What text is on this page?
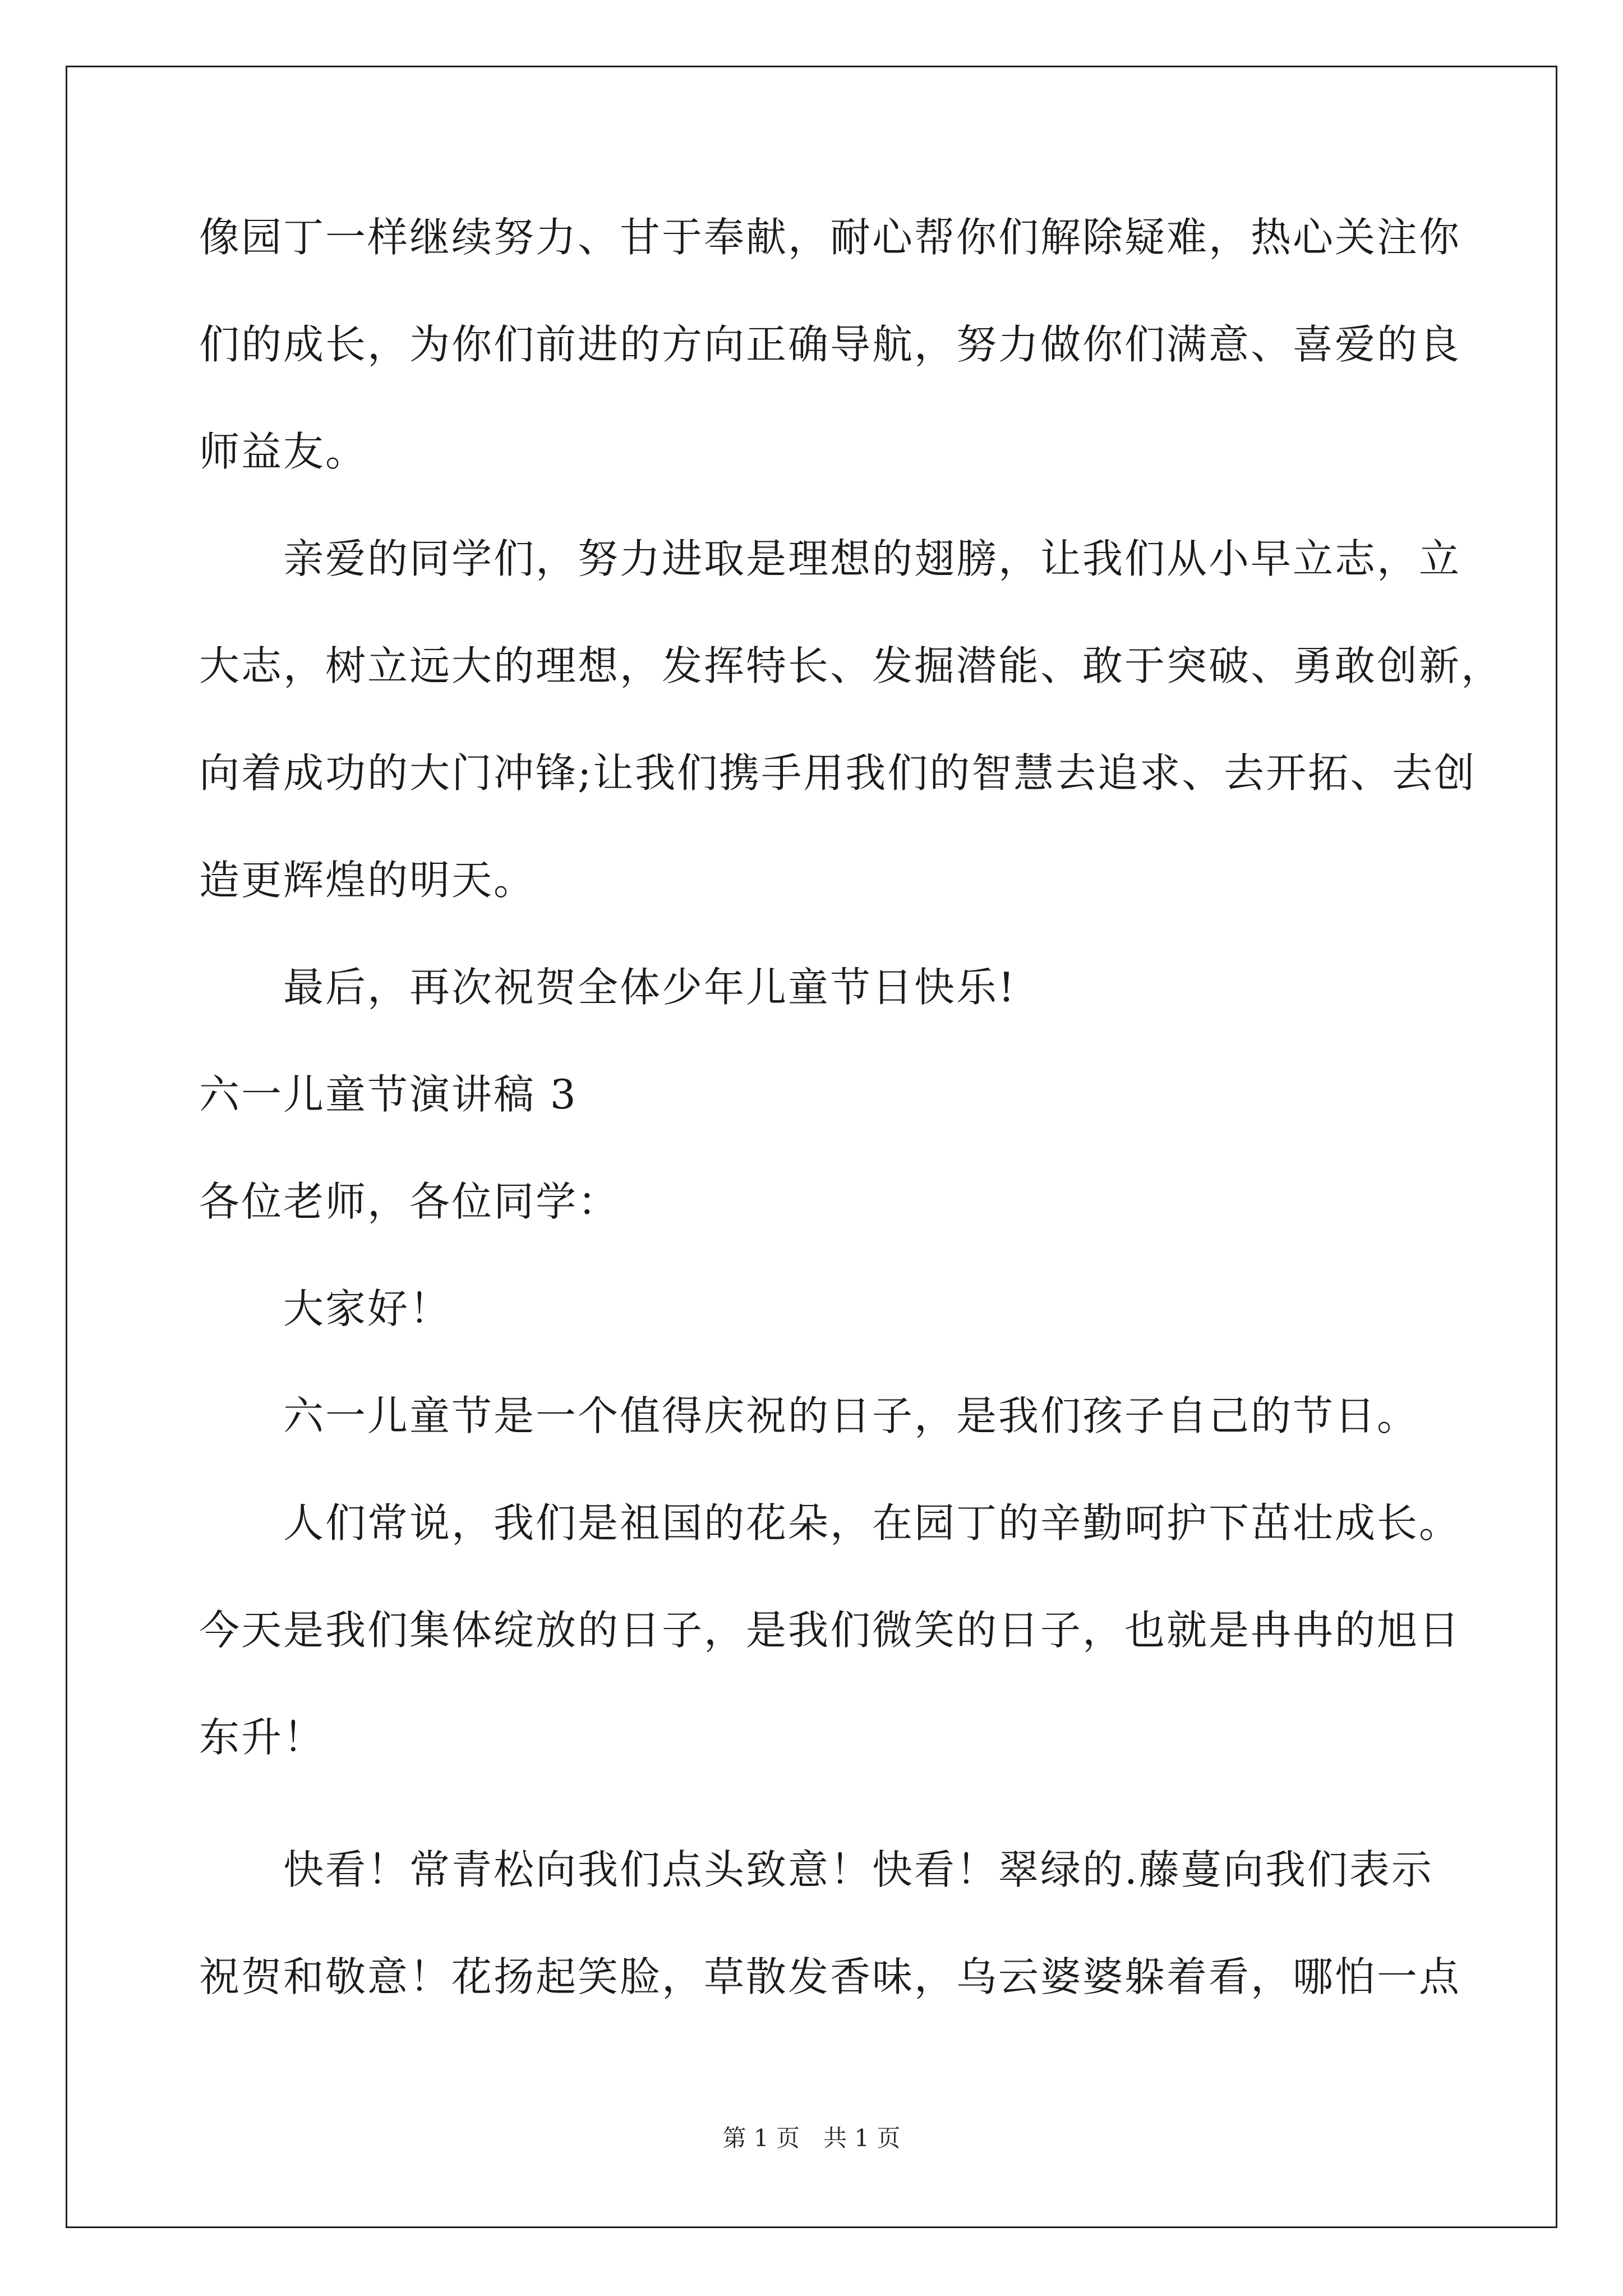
像园丁一样继续努力、甘于奉献，耐心帮你们解除疑难，热心关注你
们的成长，为你们前进的方向正确导航，努力做你们满意、喜爱的良
师益友。
亲爱的同学们，努力进取是理想的翅膀，让我们从小早立志，立
大志，树立远大的理想，发挥特长、发掘潜能、敢于突破、勇敢创新，
向着成功的大门冲锋;让我们携手用我们的智慧去追求、去开拓、去创
造更辉煌的明天。
最后，再次祝贺全体少年儿童节日快乐!
六一儿童节演讲稿 3
各位老师，各位同学：
大家好！
六一儿童节是一个值得庆祝的日子，是我们孩子自己的节日。
人们常说，我们是祖国的花朵，在园丁的辛勤呵护下茁壮成长。
今天是我们集体绽放的日子，是我们微笑的日子，也就是冉冉的旭日
东升！
快看！常青松向我们点头致意！快看！翠绿的.藤蔓向我们表示
祝贺和敬意！花扬起笑脸，草散发香味，乌云婆婆躲着看，哪怕一点
第 1 页　共 1 页
